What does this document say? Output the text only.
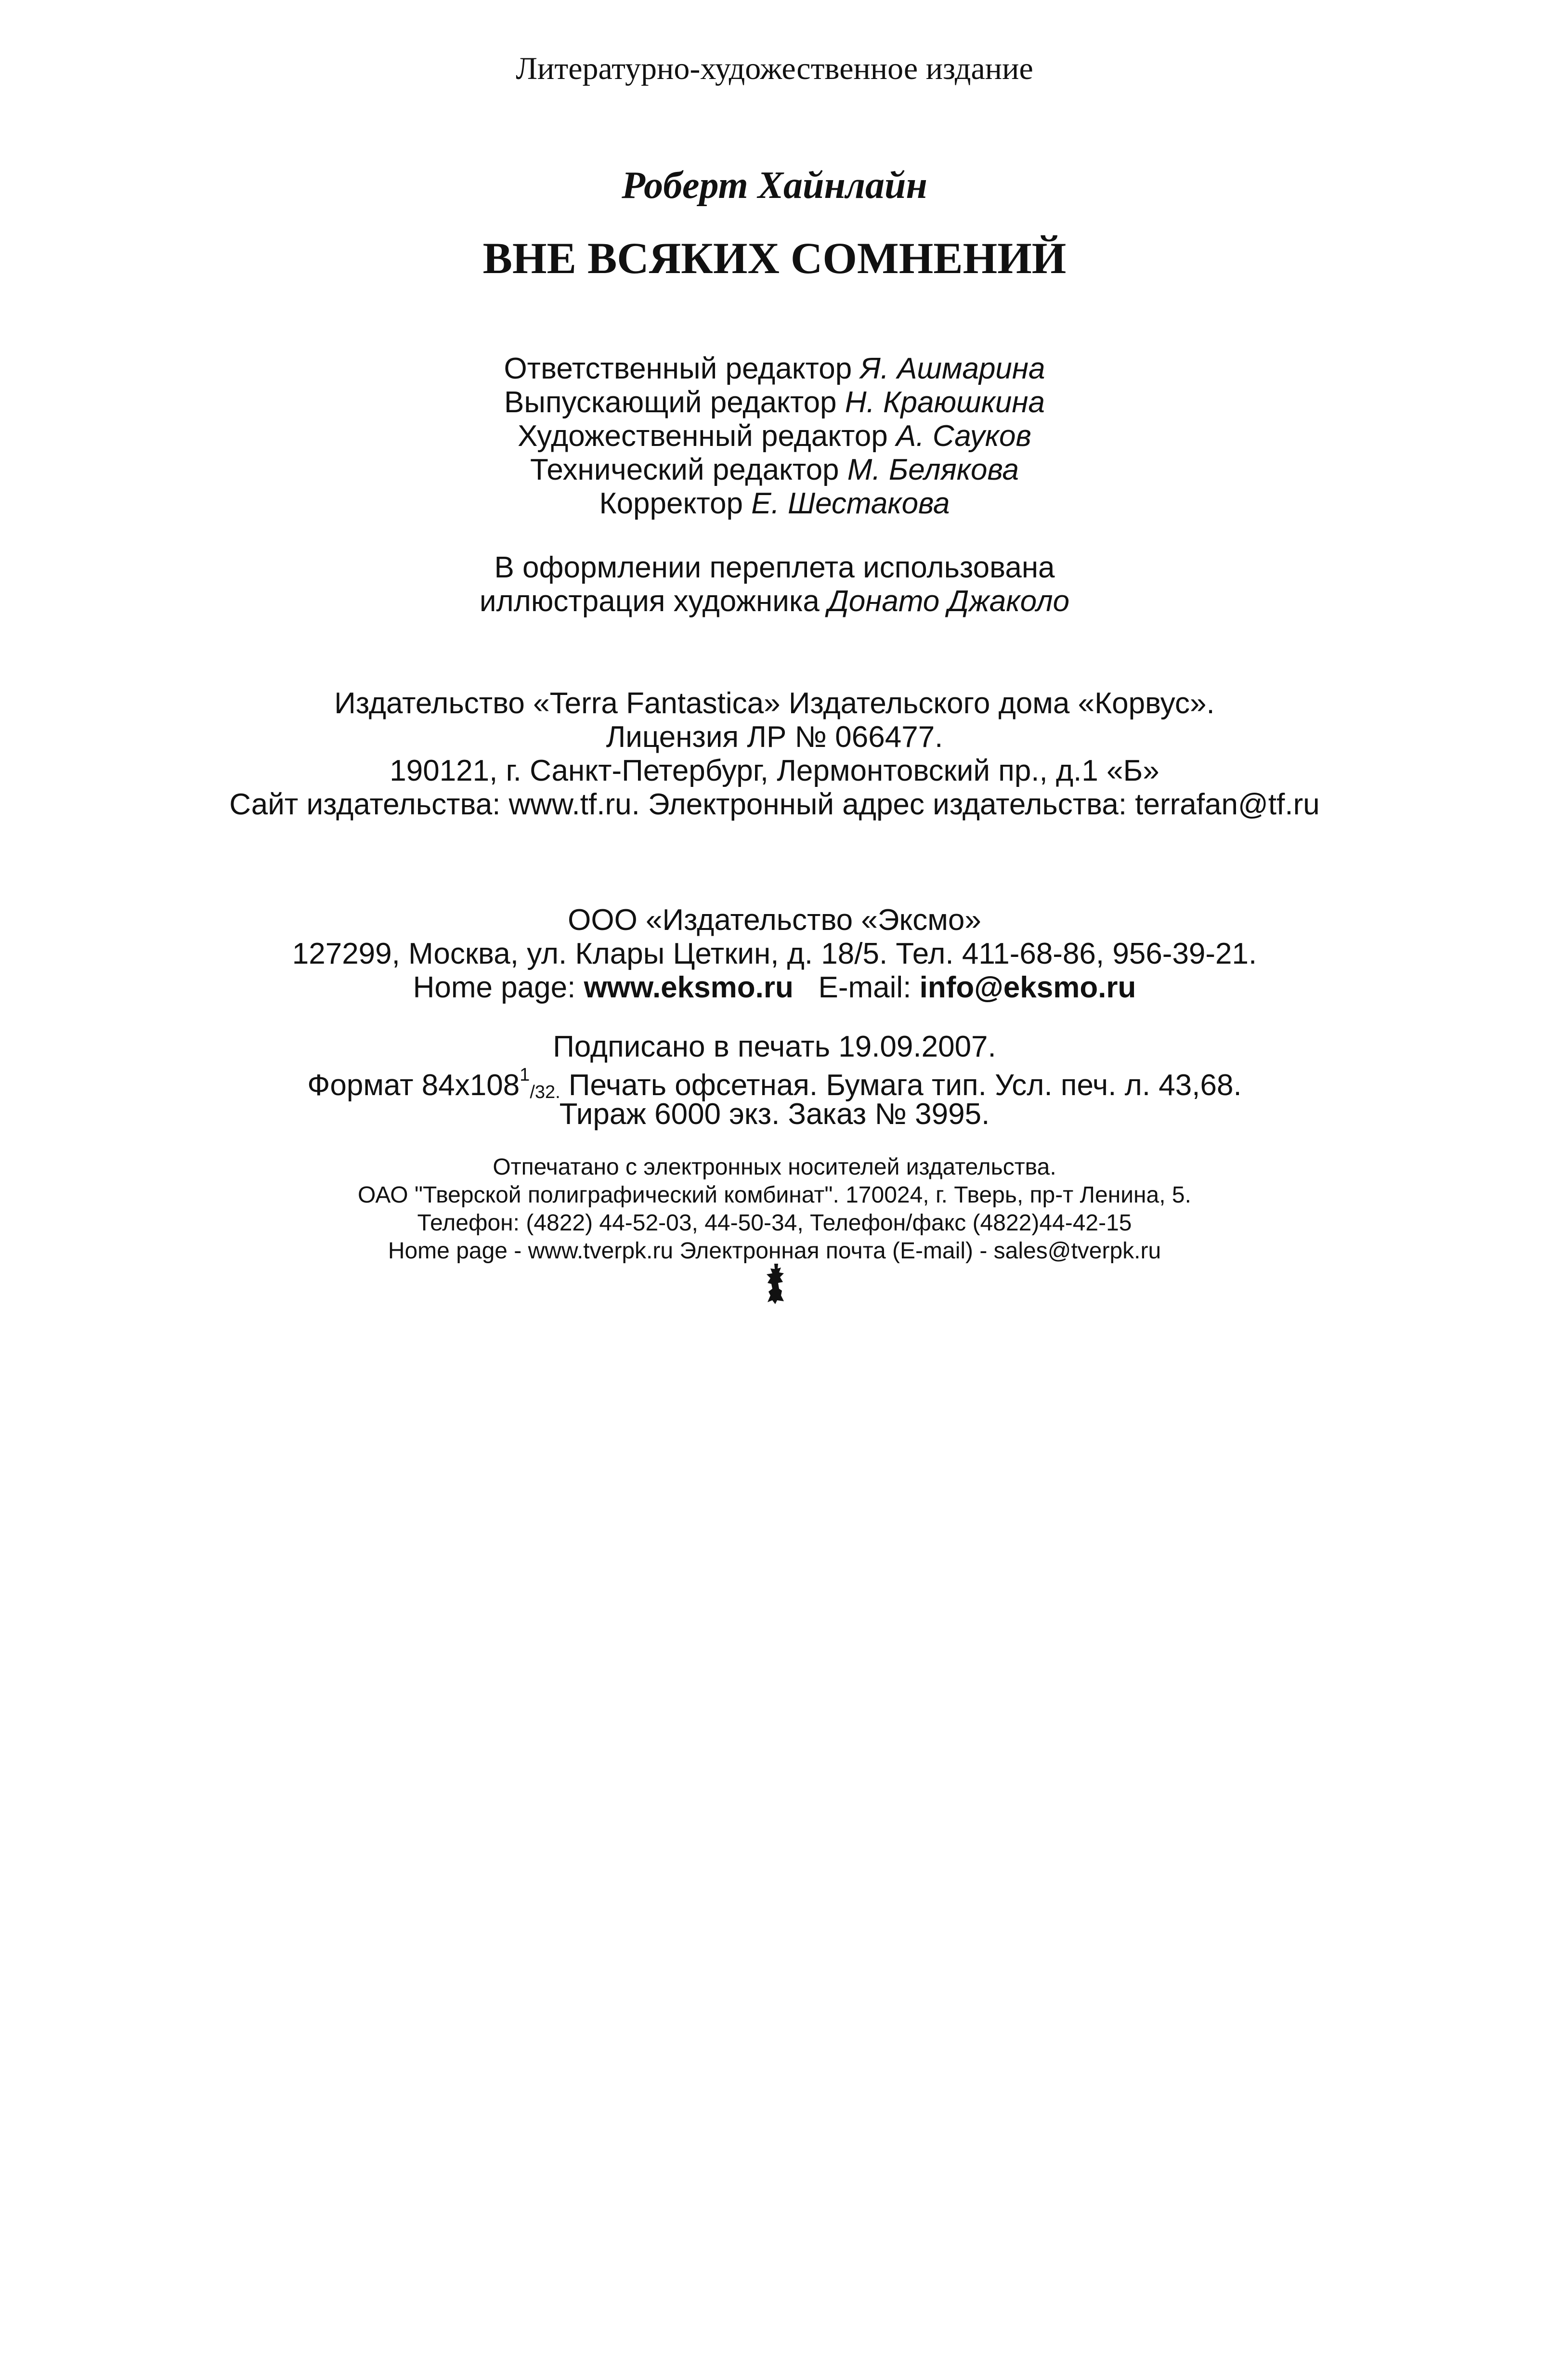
Литературно-художественное издание
Роберт Хайнлайн
ВНЕ ВСЯКИХ СОМНЕНИЙ
Ответственный редактор Я. Ашмарина
Выпускающий редактор Н. Краюшкина
Художественный редактор А. Сауков
Технический редактор М. Белякова
Корректор Е. Шестакова
В оформлении переплета использована
иллюстрация художника Донато Джаколо
Издательство «Terra Fantastica» Издательского дома «Корвус».
Лицензия ЛР № 066477.
190121, г. Санкт-Петербург, Лермонтовский пр., д.1 «Б»
Сайт издательства: www.tf.ru. Электронный адрес издательства: terrafan@tf.ru
ООО «Издательство «Эксмо»
127299, Москва, ул. Клары Цеткин, д. 18/5. Тел. 411-68-86, 956-39-21.
Home page: www.eksmo.ru E-mail: info@eksmo.ru
Подписано в печать 19.09.2007.
Формат $84х108^1/32$. Печать офсетная. Бумага тип. Усл. печ. л. 43,68.
Тираж 6000 экз. Заказ № 3995.
Отпечатано с электронных носителей издательства.
ОАО "Тверской полиграфический комбинат". 170024, г. Тверь, пр-т Ленина, 5.
Телефон: (4822) 44-52-03, 44-50-34, Телефон/факс (4822)44-42-15
Home page - www.tverpk.ru Электронная почта (E-mail) - sales@tverpk.ru
